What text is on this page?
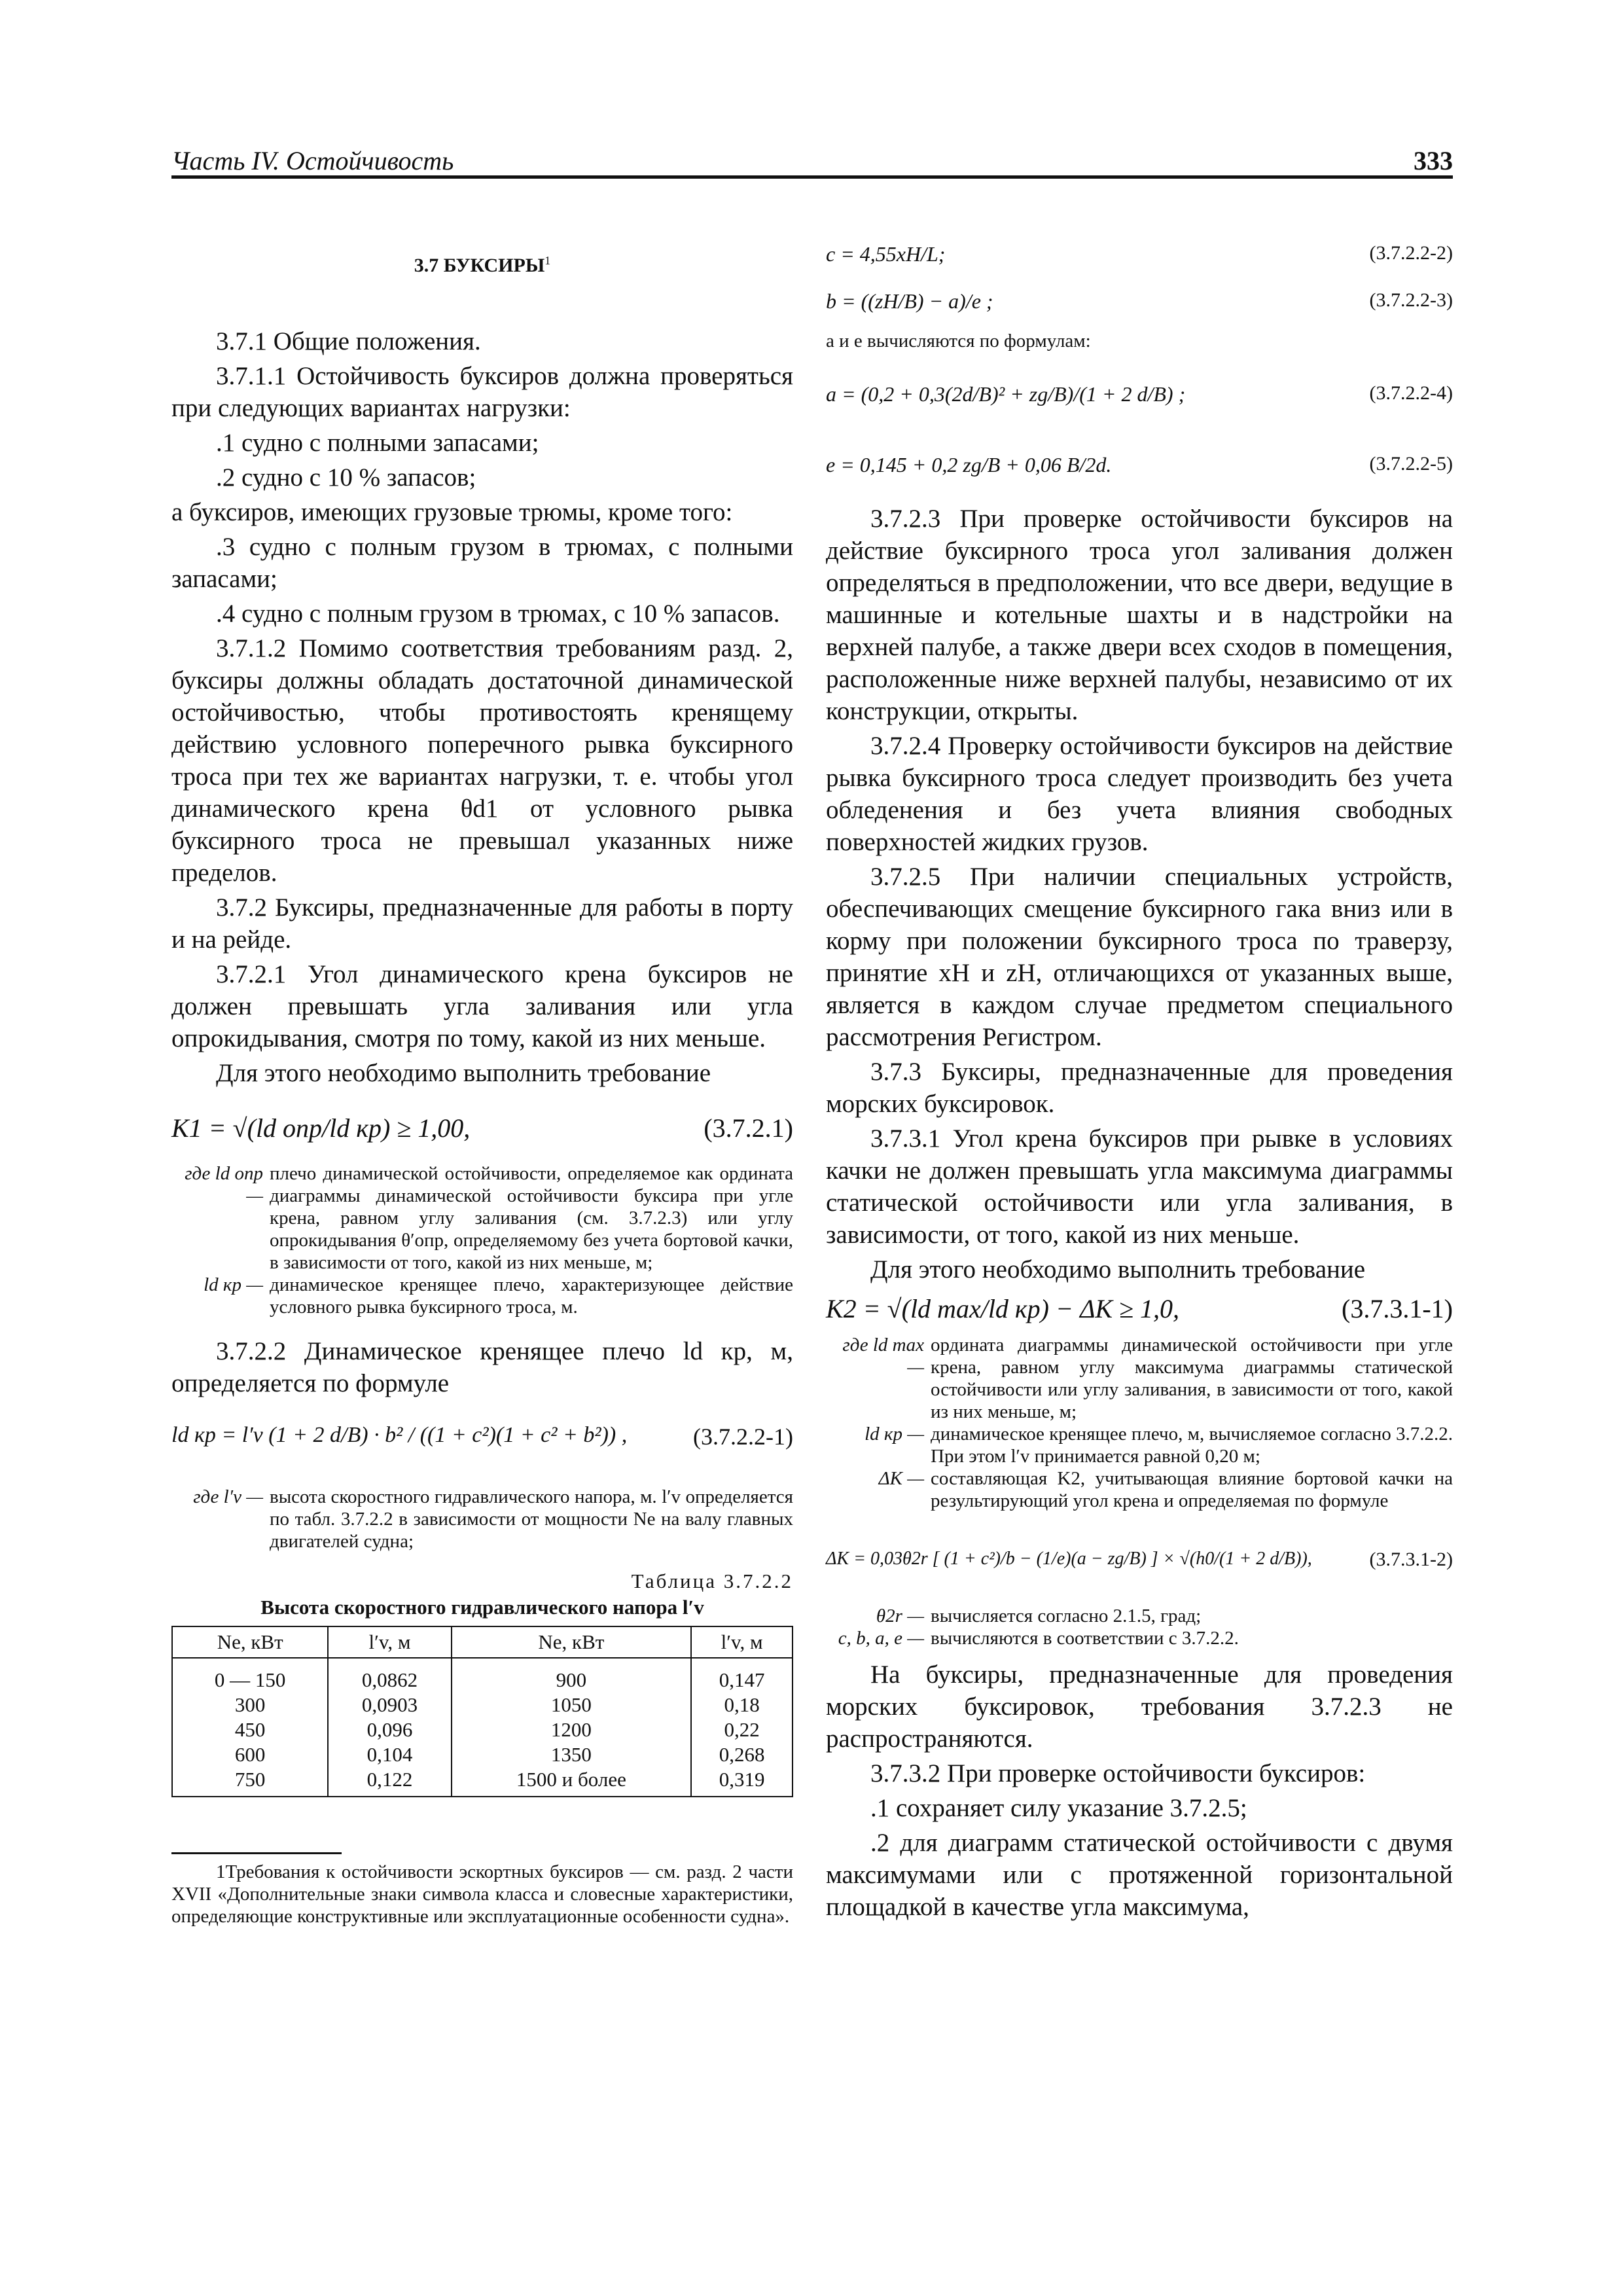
Часть IV. Остойчивость	333
3.7 БУКСИРЫ$^1$

3.7.1 Общие положения.

3.7.1.1 Остойчивость буксиров должна проверяться при следующих вариантах нагрузки:

.1 судно с полными запасами;

.2 судно с 10 % запасов;

а буксиров, имеющих грузовые трюмы, кроме того:

.3 судно с полным грузом в трюмах, с полными запасами;

.4 судно с полным грузом в трюмах, с 10 % запасов.

3.7.1.2 Помимо соответствия требованиям разд. 2, буксиры должны обладать достаточной динамической остойчивостью, чтобы противостоять кренящему действию условного поперечного рывка буксирного троса при тех же вариантах нагрузки, т. е. чтобы угол динамического крена θd1 от условного рывка буксирного троса не превышал указанных ниже пределов.

3.7.2 Буксиры, предназначенные для работы в порту и на рейде.

3.7.2.1 Угол динамического крена буксиров не должен превышать угла заливания или угла опрокидывания, смотря по тому, какой из них меньше.

Для этого необходимо выполнить требование

K1 = √(ld опр/ld кр) ≥ 1,00,	(3.7.2.1)
где ld опр —
плечо динамической остойчивости, определяемое как ордината диаграммы динамической остойчивости буксира при угле крена, равном углу заливания (см. 3.7.2.3) или углу опрокидывания θ′опр, определяемому без учета бортовой качки, в зависимости от того, какой из них меньше, м;
ld кр — динамическое кренящее плечо, характеризующее действие условного рывка буксирного троса, м.

3.7.2.2 Динамическое кренящее плечо ld кр, м, определяется по формуле

ld кр = l′v (1 + 2 d/B) · b² / ((1 + c²)(1 + c² + b²)) ,	(3.7.2.2-1)
где l′v — высота скоростного гидравлического напора, м. l′v определяется по табл. 3.7.2.2 в зависимости от мощности Ne на валу главных двигателей судна;
Таблица 3.7.2.2
Высота скоростного гидравлического напора l′v
Ne, кВт	l′v, м	Ne, кВт	l′v, м
0 — 150	0,0862	900	0,147
300	0,0903	1050	0,18
450	0,096	1200	0,22
600	0,104	1350	0,268
750	0,122	1500 и более	0,319
1Требования к остойчивости эскортных буксиров — см. разд. 2 части XVII «Дополнительные знаки символа класса и словесные характеристики, определяющие конструктивные или эксплуатационные особенности судна».
c = 4,55xH/L;	(3.7.2.2-2)
b = ((zH/B) − a)/e ;	(3.7.2.2-3)

a и e вычисляются по формулам:

a = (0,2 + 0,3(2d/B)² + zg/B)/(1 + 2 d/B) ;	(3.7.2.2-4)
e = 0,145 + 0,2 zg/B + 0,06 B/2d.	(3.7.2.2-5)

3.7.2.3 При проверке остойчивости буксиров на действие буксирного троса угол заливания должен определяться в предположении, что все двери, ведущие в машинные и котельные шахты и в надстройки на верхней палубе, а также двери всех сходов в помещения, расположенные ниже верхней палубы, независимо от их конструкции, открыты.

3.7.2.4 Проверку остойчивости буксиров на действие рывка буксирного троса следует производить без учета обледенения и без учета влияния свободных поверхностей жидких грузов.

3.7.2.5 При наличии специальных устройств, обеспечивающих смещение буксирного гака вниз или в корму при положении буксирного троса по траверзу, принятие xH и zH, отличающихся от указанных выше, является в каждом случае предметом специального рассмотрения Регистром.

3.7.3 Буксиры, предназначенные для проведения морских буксировок.

3.7.3.1 Угол крена буксиров при рывке в условиях качки не должен превышать угла максимума диаграммы статической остойчивости или угла заливания, в зависимости, от того, какой из них меньше.

Для этого необходимо выполнить требование

K2 = √(ld max/ld кр) − ΔK ≥ 1,0,	(3.7.3.1-1)
где ld max —
ордината диаграммы динамической остойчивости при угле крена, равном углу максимума диаграммы статической остойчивости или углу заливания, в зависимости от того, какой из них меньше, м;
ld кр — динамическое кренящее плечо, м, вычисляемое согласно 3.7.2.2. При этом l′v принимается равной 0,20 м;
ΔK — составляющая K2, учитывающая влияние бортовой качки на результирующий угол крена и определяемая по формуле
ΔK = 0,03θ2r [ (1 + c²)/b − (1/e)(a − zg/B) ] × √(h0/(1 + 2 d/B)),	(3.7.3.1-2)
θ2r — вычисляется согласно 2.1.5, град;
c, b, a, e — вычисляются в соответствии с 3.7.2.2.

На буксиры, предназначенные для проведения морских буксировок, требования 3.7.2.3 не распространяются.

3.7.3.2 При проверке остойчивости буксиров:

.1 сохраняет силу указание 3.7.2.5;

.2 для диаграмм статической остойчивости с двумя максимумами или с протяженной горизонтальной площадкой в качестве угла максимума,
